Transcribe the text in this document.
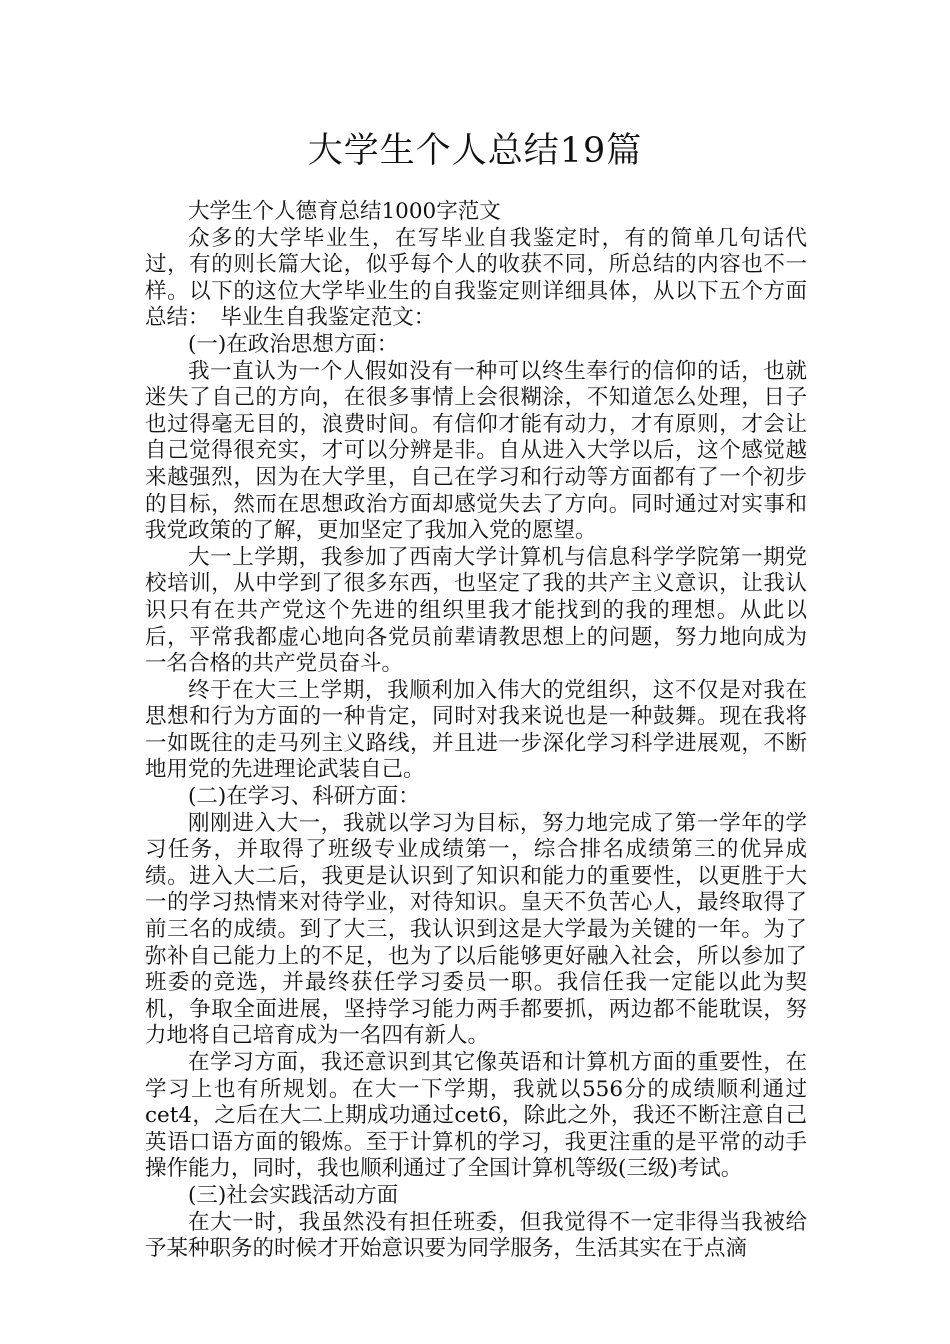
大学生个人总结19篇

大学生个人德育总结1000字范文

众多的大学毕业生，在写毕业自我鉴定时，有的简单几句话代过，有的则长篇大论，似乎每个人的收获不同，所总结的内容也不一样。以下的这位大学毕业生的自我鉴定则详细具体，从以下五个方面总结：　毕业生自我鉴定范文：

(一)在政治思想方面：

我一直认为一个人假如没有一种可以终生奉行的信仰的话，也就迷失了自己的方向，在很多事情上会很糊涂，不知道怎么处理，日子也过得毫无目的，浪费时间。有信仰才能有动力，才有原则，才会让自己觉得很充实，才可以分辨是非。自从进入大学以后，这个感觉越来越强烈，因为在大学里，自己在学习和行动等方面都有了一个初步的目标，然而在思想政治方面却感觉失去了方向。同时通过对实事和我党政策的了解，更加坚定了我加入党的愿望。

大一上学期，我参加了西南大学计算机与信息科学学院第一期党校培训，从中学到了很多东西，也坚定了我的共产主义意识，让我认识只有在共产党这个先进的组织里我才能找到的我的理想。从此以后，平常我都虚心地向各党员前辈请教思想上的问题，努力地向成为一名合格的共产党员奋斗。

终于在大三上学期，我顺利加入伟大的党组织，这不仅是对我在思想和行为方面的一种肯定，同时对我来说也是一种鼓舞。现在我将一如既往的走马列主义路线，并且进一步深化学习科学进展观，不断地用党的先进理论武装自己。

(二)在学习、科研方面：

刚刚进入大一，我就以学习为目标，努力地完成了第一学年的学习任务，并取得了班级专业成绩第一，综合排名成绩第三的优异成绩。进入大二后，我更是认识到了知识和能力的重要性，以更胜于大一的学习热情来对待学业，对待知识。皇天不负苦心人，最终取得了前三名的成绩。到了大三，我认识到这是大学最为关键的一年。为了弥补自己能力上的不足，也为了以后能够更好融入社会，所以参加了班委的竞选，并最终获任学习委员一职。我信任我一定能以此为契机，争取全面进展，坚持学习能力两手都要抓，两边都不能耽误，努力地将自己培育成为一名四有新人。

在学习方面，我还意识到其它像英语和计算机方面的重要性，在学习上也有所规划。在大一下学期，我就以556分的成绩顺利通过cet4，之后在大二上期成功通过cet6，除此之外，我还不断注意自己英语口语方面的锻炼。至于计算机的学习，我更注重的是平常的动手操作能力，同时，我也顺利通过了全国计算机等级(三级)考试。

(三)社会实践活动方面

在大一时，我虽然没有担任班委，但我觉得不一定非得当我被给予某种职务的时候才开始意识要为同学服务，生活其实在于点滴
